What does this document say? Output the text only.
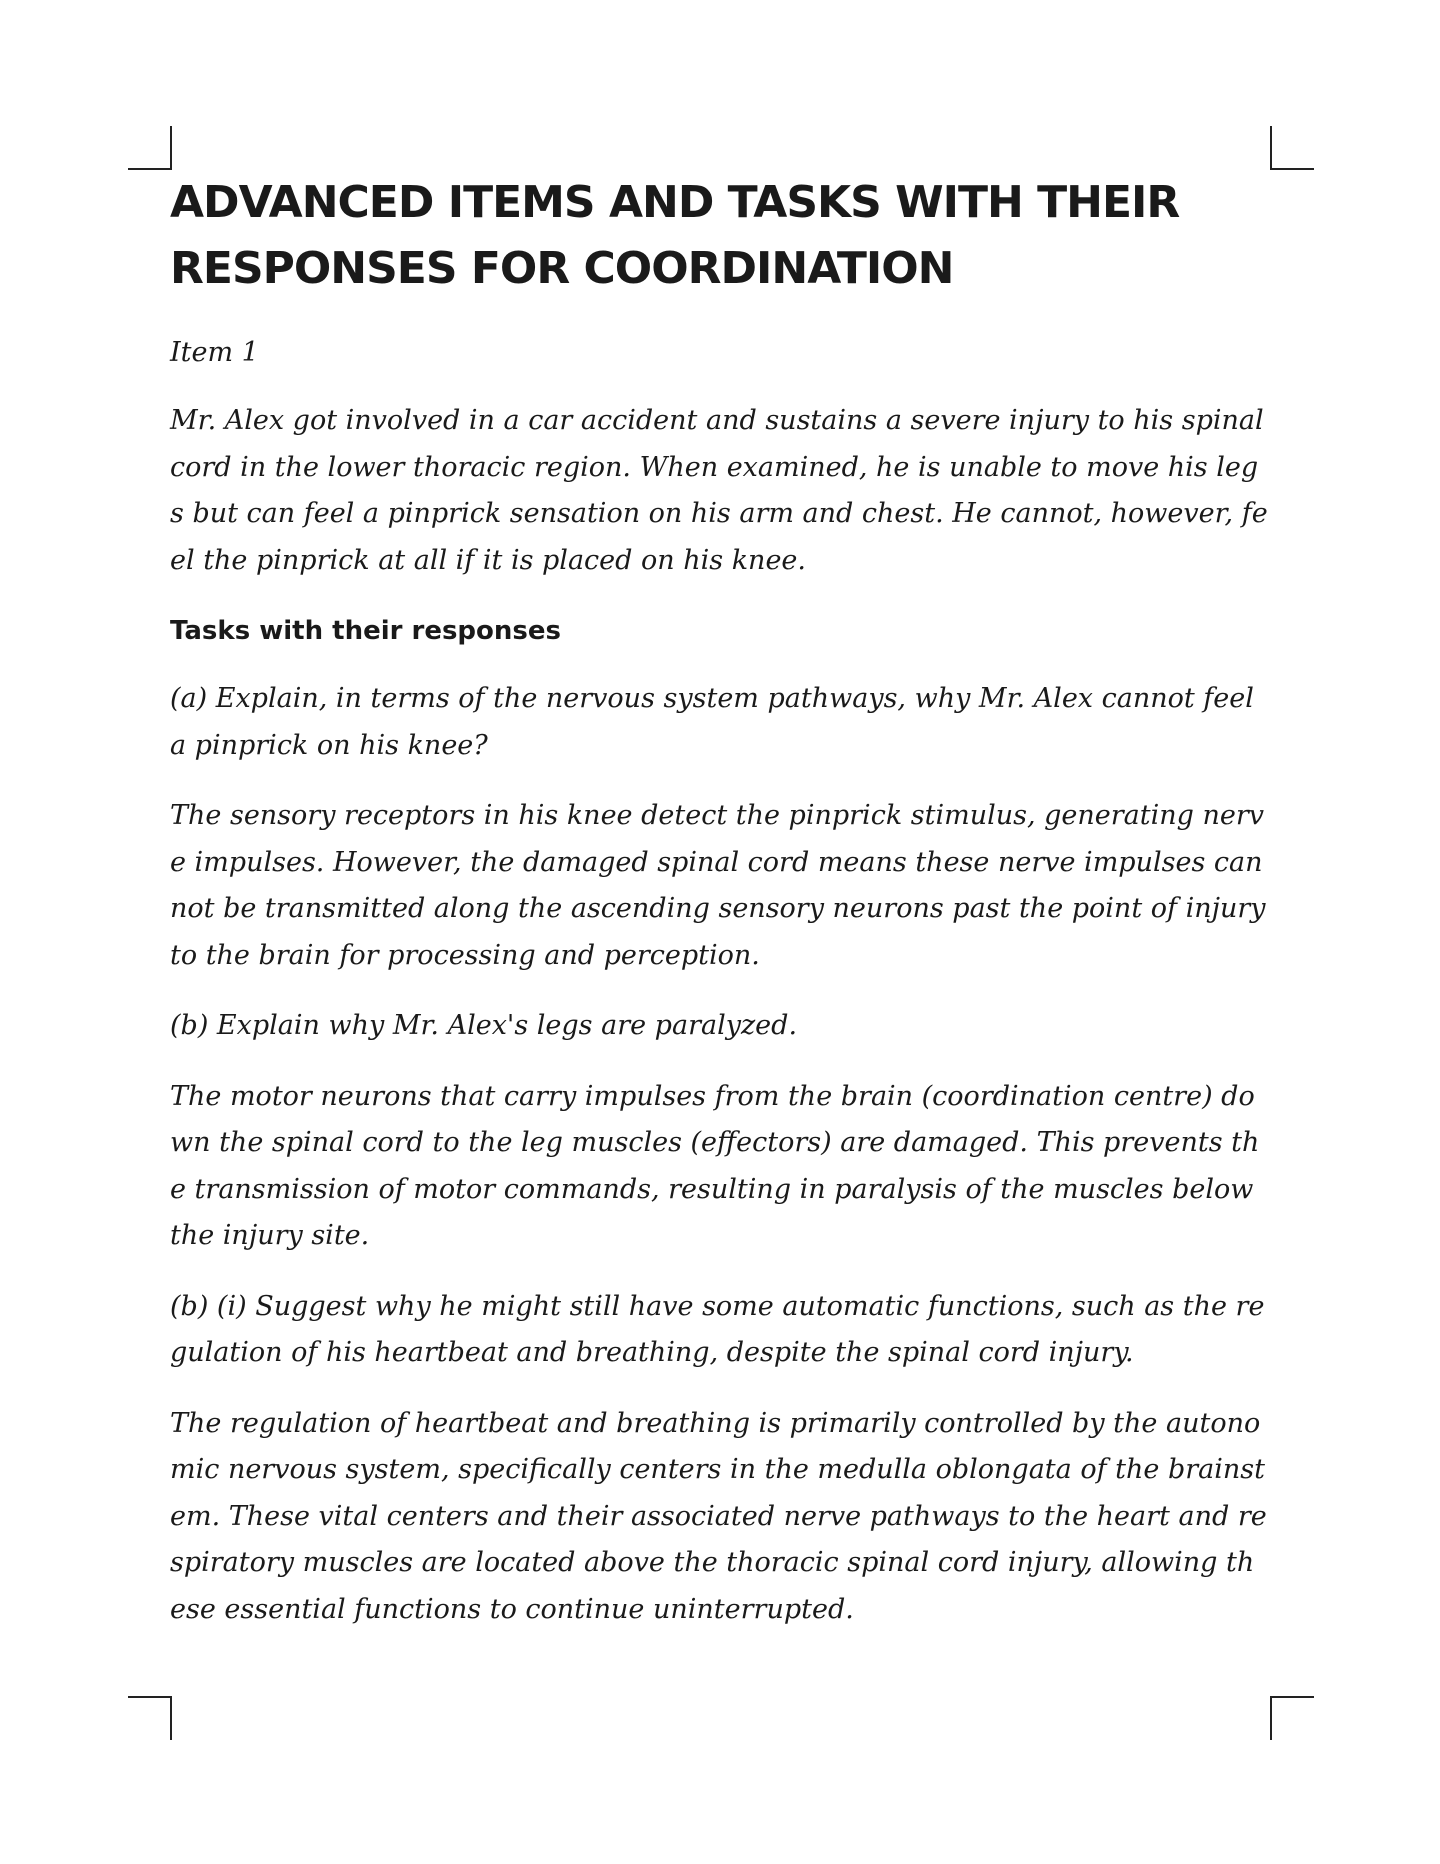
ADVANCED ITEMS AND TASKS WITH THEIR RESPONSES FOR COORDINATION

Item 1

Mr. Alex got involved in a car accident and sustains a severe injury to his spinal cord in the lower thoracic region. When examined, he is unable to move his legs but can feel a pinprick sensation on his arm and chest. He cannot, however, feel the pinprick at all if it is placed on his knee.

Tasks with their responses

(a) Explain, in terms of the nervous system pathways, why Mr. Alex cannot feel a pinprick on his knee?

The sensory receptors in his knee detect the pinprick stimulus, generating nerve impulses. However, the damaged spinal cord means these nerve impulses cannot be transmitted along the ascending sensory neurons past the point of injury to the brain for processing and perception.

(b) Explain why Mr. Alex's legs are paralyzed.

The motor neurons that carry impulses from the brain (coordination centre) down the spinal cord to the leg muscles (effectors) are damaged. This prevents the transmission of motor commands, resulting in paralysis of the muscles below the injury site.

(b) (i) Suggest why he might still have some automatic functions, such as the regulation of his heartbeat and breathing, despite the spinal cord injury.

The regulation of heartbeat and breathing is primarily controlled by the autonomic nervous system, specifically centers in the medulla oblongata of the brainstem. These vital centers and their associated nerve pathways to the heart and respiratory muscles are located above the thoracic spinal cord injury, allowing these essential functions to continue uninterrupted.
